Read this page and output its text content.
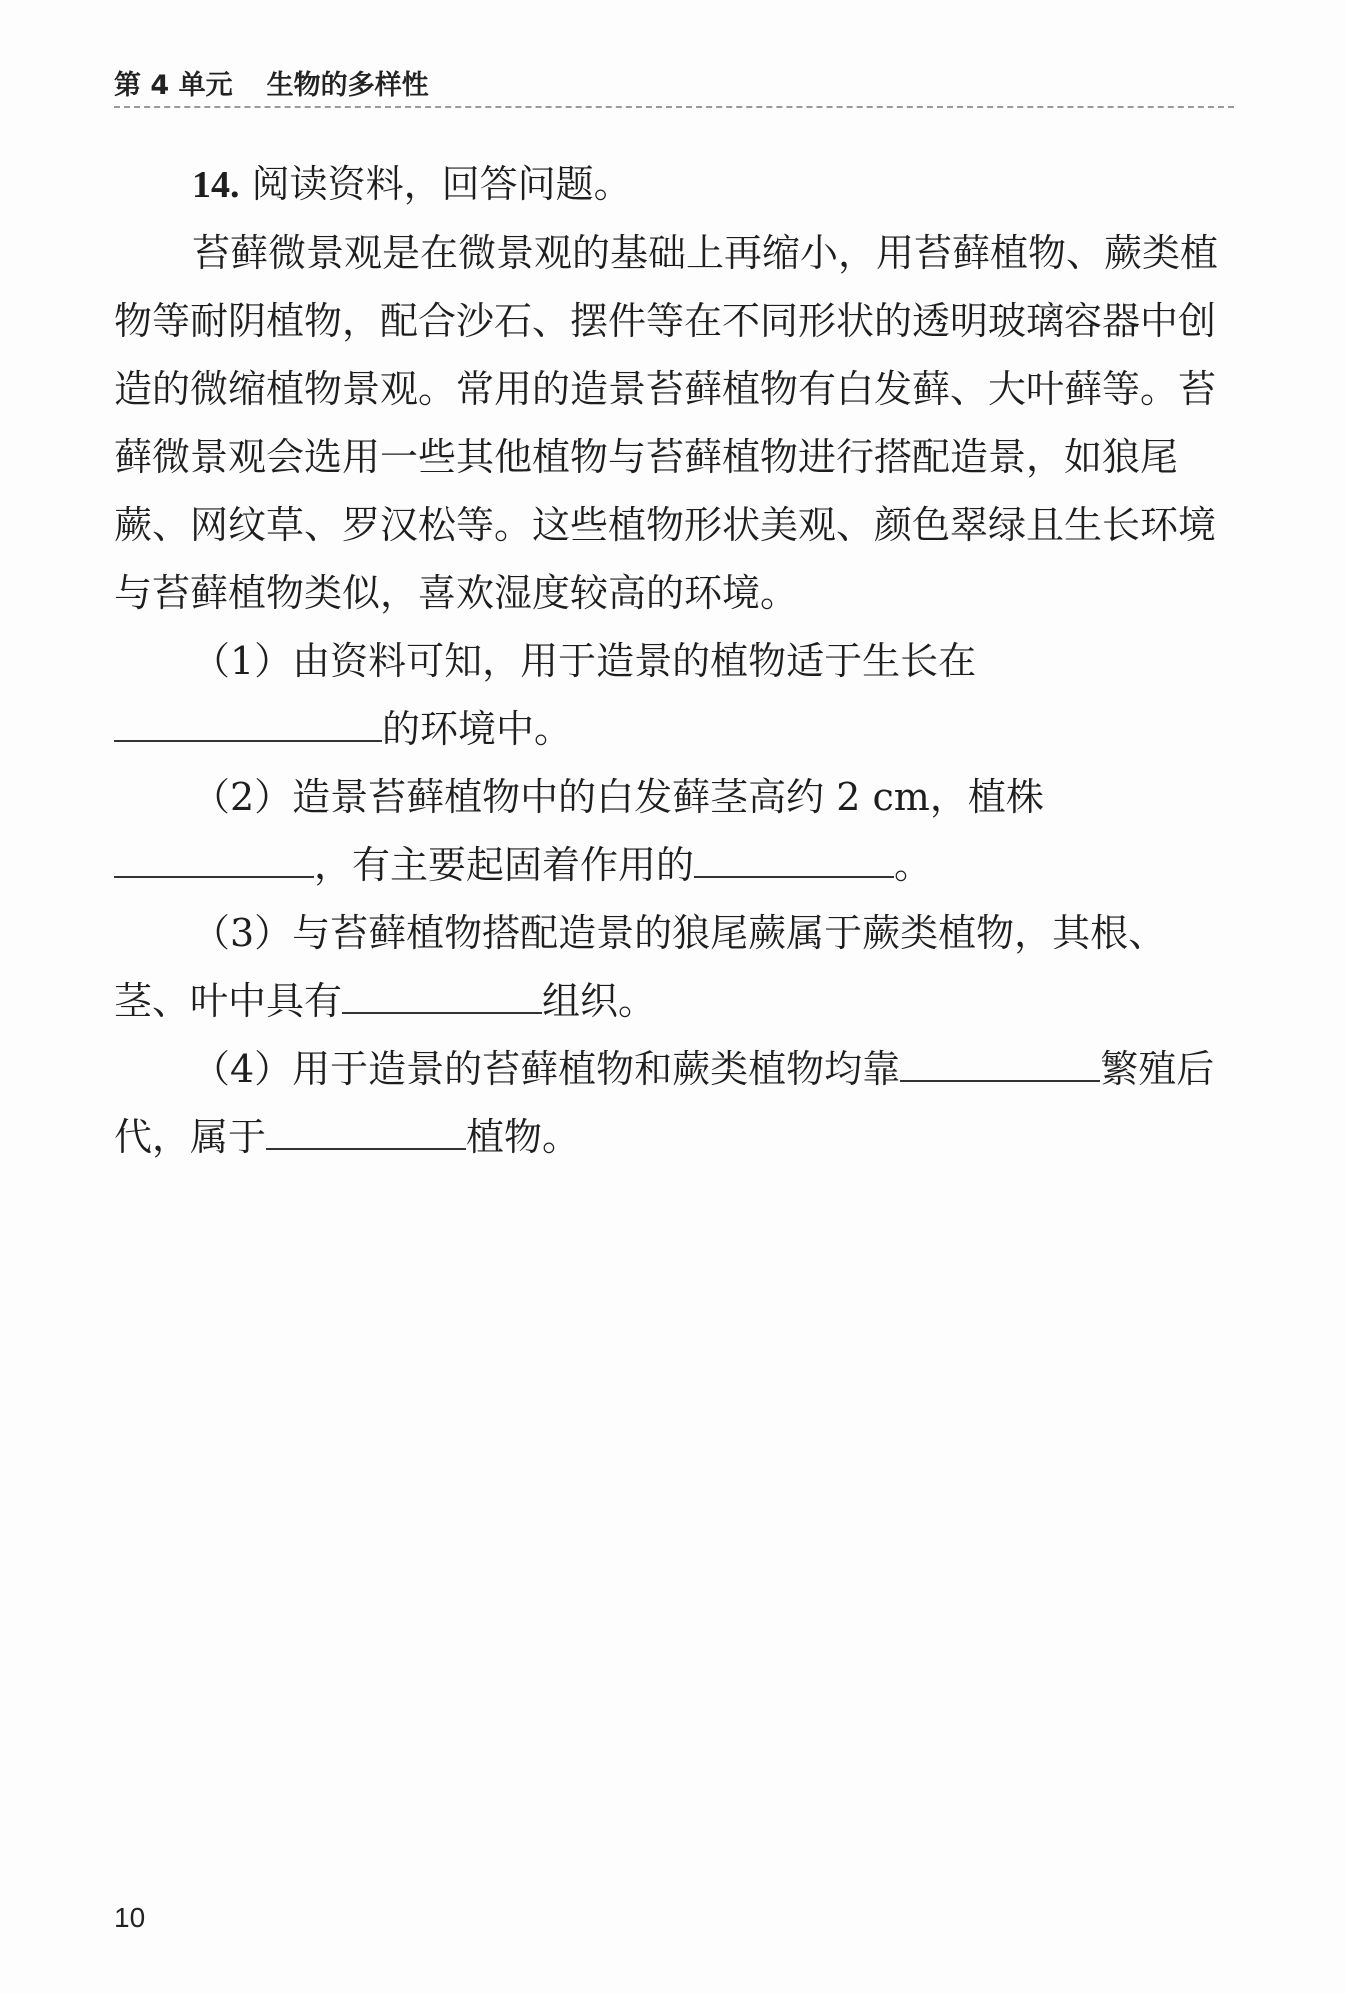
第 4 单元 生物的多样性

14. 阅读资料，回答问题。

苔藓微景观是在微景观的基础上再缩小，用苔藓植物、蕨类植物等耐阴植物，配合沙石、摆件等在不同形状的透明玻璃容器中创造的微缩植物景观。常用的造景苔藓植物有白发藓、大叶藓等。苔藓微景观会选用一些其他植物与苔藓植物进行搭配造景，如狼尾蕨、网纹草、罗汉松等。这些植物形状美观、颜色翠绿且生长环境与苔藓植物类似，喜欢湿度较高的环境。

（1）由资料可知，用于造景的植物适于生长在的环境中。

（2）造景苔藓植物中的白发藓茎高约 2 cm，植株，有主要起固着作用的	。

（3）与苔藓植物搭配造景的狼尾蕨属于蕨类植物，其根、茎、叶中具有	组织。

（4）用于造景的苔藓植物和蕨类植物均靠	繁殖后代，属于	植物。

10
